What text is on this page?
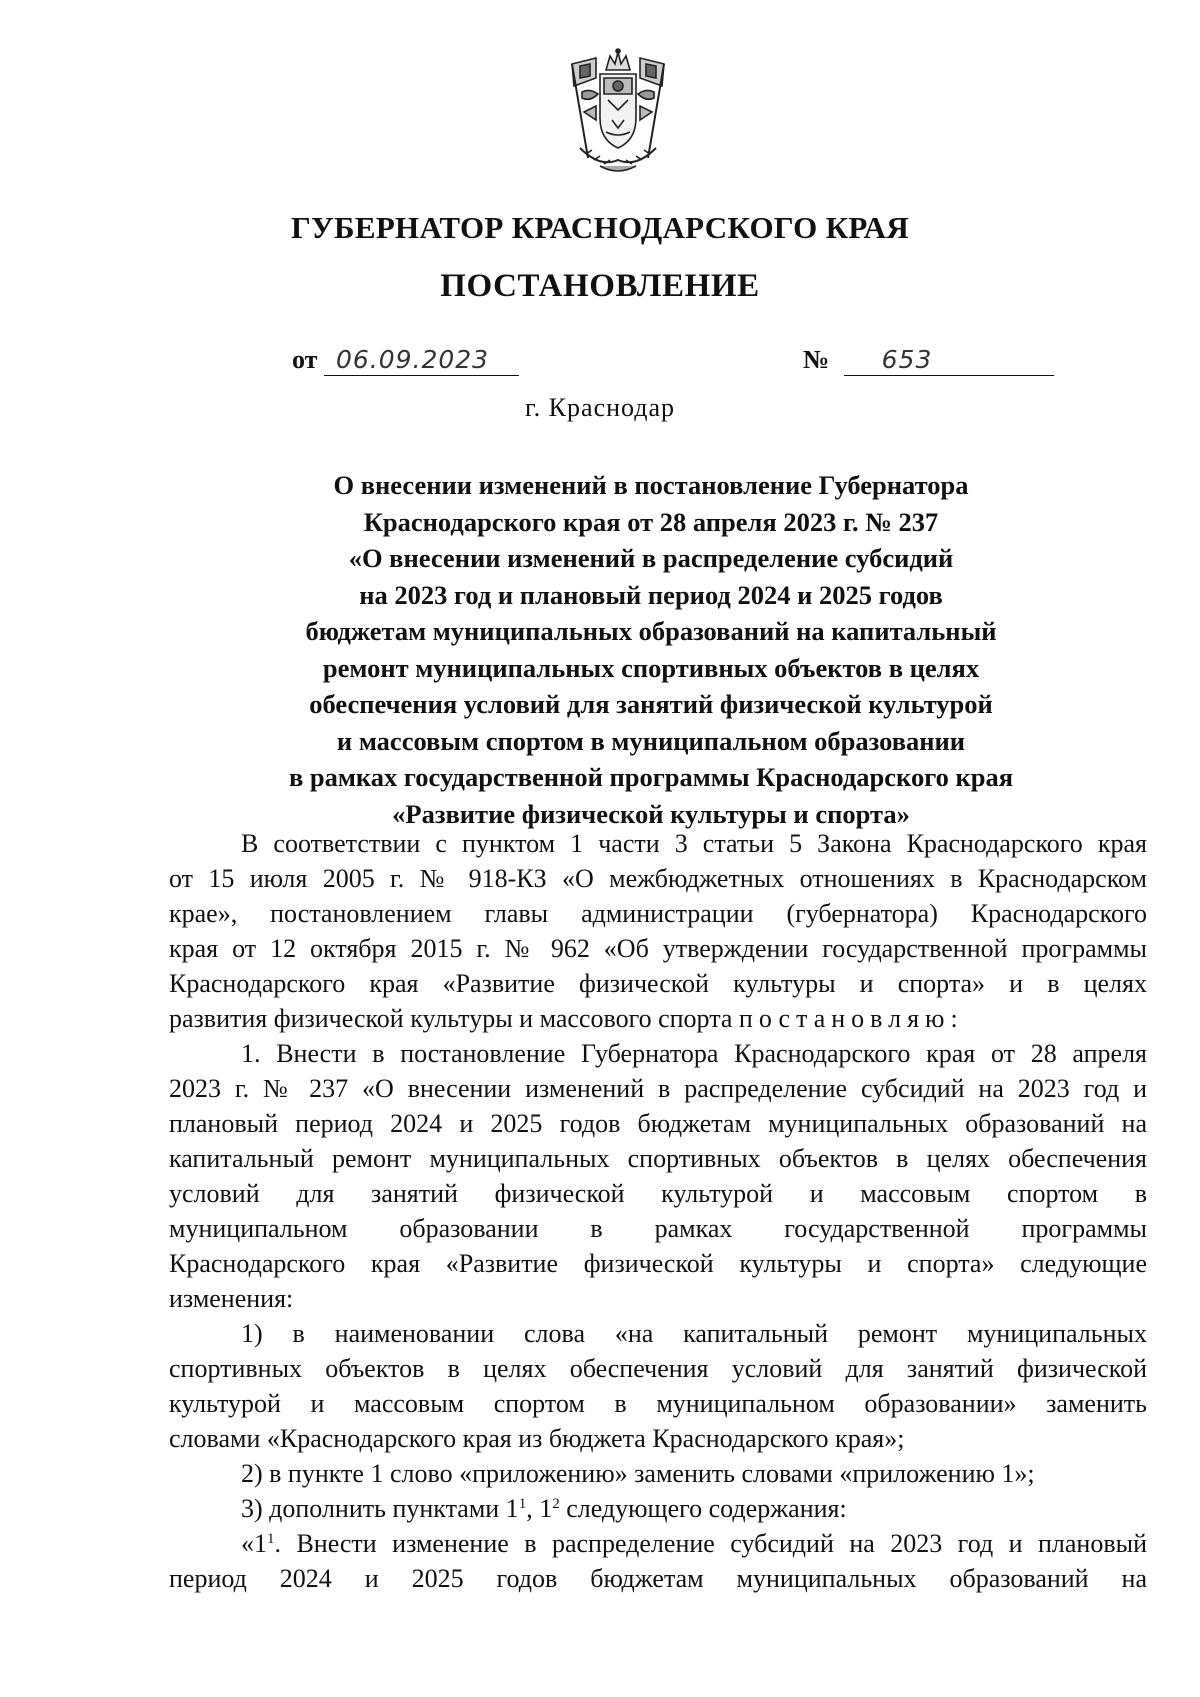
ГУБЕРНАТОР КРАСНОДАРСКОГО КРАЯ
ПОСТАНОВЛЕНИЕ
от 06.09.2023	№ 653
г. Краснодар
О внесении изменений в постановление Губернатора
Краснодарского края от 28 апреля 2023 г. № 237
«О внесении изменений в распределение субсидий
на 2023 год и плановый период 2024 и 2025 годов
бюджетам муниципальных образований на капитальный
ремонт муниципальных спортивных объектов в целях
обеспечения условий для занятий физической культурой
и массовым спортом в муниципальном образовании
в рамках государственной программы Краснодарского края
«Развитие физической культуры и спорта»
В соответствии с пунктом 1 части 3 статьи 5 Закона Краснодарского края
от 15 июля 2005 г. № 918-КЗ «О межбюджетных отношениях в Краснодарском
крае», постановлением главы администрации (губернатора) Краснодарского
края от 12 октября 2015 г. № 962 «Об утверждении государственной программы
Краснодарского края «Развитие физической культуры и спорта» и в целях
развития физической культуры и массового спорта постановляю:
1. Внести в постановление Губернатора Краснодарского края от 28 апреля
2023 г. № 237 «О внесении изменений в распределение субсидий на 2023 год и
плановый период 2024 и 2025 годов бюджетам муниципальных образований на
капитальный ремонт муниципальных спортивных объектов в целях обеспечения
условий для занятий физической культурой и массовым спортом в
муниципальном образовании в рамках государственной программы
Краснодарского края «Развитие физической культуры и спорта» следующие
изменения:
1) в наименовании слова «на капитальный ремонт муниципальных
спортивных объектов в целях обеспечения условий для занятий физической
культурой и массовым спортом в муниципальном образовании» заменить
словами «Краснодарского края из бюджета Краснодарского края»;
2) в пункте 1 слово «приложению» заменить словами «приложению 1»;
3) дополнить пунктами $1^1$, $1^2$ следующего содержания:
«$1^1$. Внести изменение в распределение субсидий на 2023 год и плановый
период 2024 и 2025 годов бюджетам муниципальных образований на
